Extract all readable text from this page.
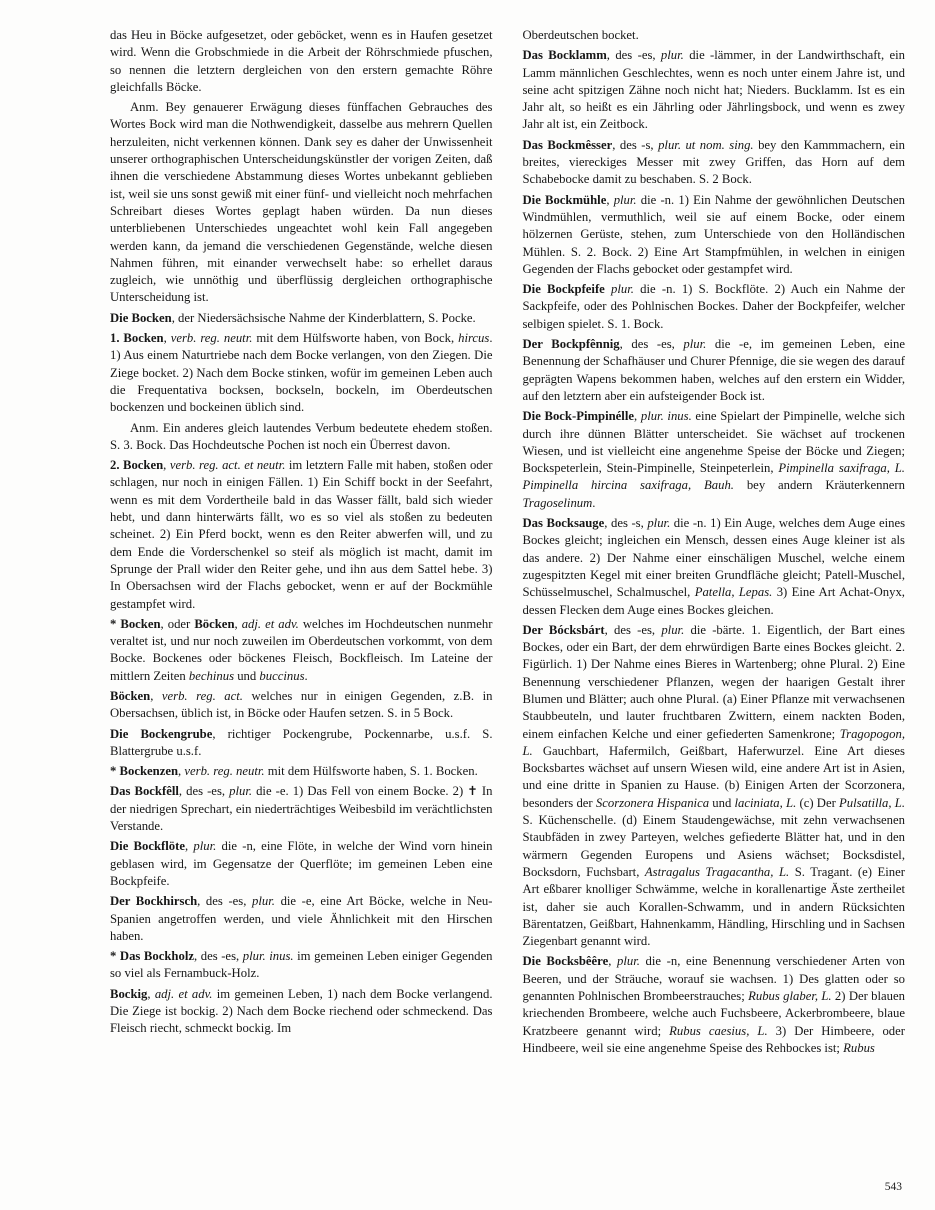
das Heu in Böcke aufgesetzet, oder geböcket, wenn es in Haufen gesetzet wird. Wenn die Grobschmiede in die Arbeit der Röhrschmiede pfuschen, so nennen die letztern dergleichen von den erstern gemachte Röhre gleichfalls Böcke.

Anm. Bey genauerer Erwägung dieses fünffachen Gebrauches des Wortes Bock wird man die Nothwendigkeit, dasselbe aus mehrern Quellen herzuleiten, nicht verkennen können. Dank sey es daher der Unwissenheit unserer orthographischen Unterscheidungskünstler der vorigen Zeiten, daß ihnen die verschiedene Abstammung dieses Wortes unbekannt geblieben ist, weil sie uns sonst gewiß mit einer fünf- und vielleicht noch mehrfachen Schreibart dieses Wortes geplagt haben würden. Da nun dieses unterbliebenen Unterschiedes ungeachtet wohl kein Fall angegeben werden kann, da jemand die verschiedenen Gegenstände, welche diesen Nahmen führen, mit einander verwechselt habe: so erhellet daraus zugleich, wie unnöthig und überflüssig dergleichen orthographische Unterscheidung ist.

Die Bocken, der Niedersächsische Nahme der Kinderblattern, S. Pocke.

1. Bocken, verb. reg. neutr. mit dem Hülfsworte haben, von Bock, hircus. 1) Aus einem Naturtriebe nach dem Bocke verlangen, von den Ziegen. Die Ziege bocket. 2) Nach dem Bocke stinken, wofür im gemeinen Leben auch die Frequentativa bocksen, bockseln, bockeln, im Oberdeutschen bockenzen und bockeinen üblich sind.

Anm. Ein anderes gleich lautendes Verbum bedeutete ehedem stoßen. S. 3. Bock. Das Hochdeutsche Pochen ist noch ein Überrest davon.

2. Bocken, verb. reg. act. et neutr. im letztern Falle mit haben, stoßen oder schlagen, nur noch in einigen Fällen. 1) Ein Schiff bockt in der Seefahrt, wenn es mit dem Vordertheile bald in das Wasser fällt, bald sich wieder hebt, und dann hinterwärts fällt, wo es so viel als stoßen zu bedeuten scheinet. 2) Ein Pferd bockt, wenn es den Reiter abwerfen will, und zu dem Ende die Vorderschenkel so steif als möglich ist macht, damit im Sprunge der Prall wider den Reiter gehe, und ihn aus dem Sattel hebe. 3) In Obersachsen wird der Flachs gebocket, wenn er auf der Bockmühle gestampfet wird.

* Bocken, oder Böcken, adj. et adv. welches im Hochdeutschen nunmehr veraltet ist, und nur noch zuweilen im Oberdeutschen vorkommt, von dem Bocke. Bockenes oder böckenes Fleisch, Bockfleisch. Im Lateine der mittlern Zeiten bechinus und buccinus.

Böcken, verb. reg. act. welches nur in einigen Gegenden, z.B. in Obersachsen, üblich ist, in Böcke oder Haufen setzen. S. in 5 Bock.

Die Bockengrube, richtiger Pockengrube, Pockennarbe, u.s.f. S. Blattergrube u.s.f.

* Bockenzen, verb. reg. neutr. mit dem Hülfsworte haben, S. 1. Bocken.

Das Bockfêll, des -es, plur. die -e. 1) Das Fell von einem Bocke. 2) ✝ In der niedrigen Sprechart, ein niederträchtiges Weibesbild im verächtlichsten Verstande.

Die Bockflöte, plur. die -n, eine Flöte, in welche der Wind vorn hinein geblasen wird, im Gegensatze der Querflöte; im gemeinen Leben eine Bockpfeife.

Der Bockhirsch, des -es, plur. die -e, eine Art Böcke, welche in Neu-Spanien angetroffen werden, und viele Ähnlichkeit mit den Hirschen haben.

* Das Bockholz, des -es, plur. inus. im gemeinen Leben einiger Gegenden so viel als Fernambuck-Holz.

Bockig, adj. et adv. im gemeinen Leben, 1) nach dem Bocke verlangend. Die Ziege ist bockig. 2) Nach dem Bocke riechend oder schmeckend. Das Fleisch riecht, schmeckt bockig. Im

Oberdeutschen bocket.

Das Bocklamm, des -es, plur. die -lämmer, in der Landwirthschaft, ein Lamm männlichen Geschlechtes, wenn es noch unter einem Jahre ist, und seine acht spitzigen Zähne noch nicht hat; Nieders. Bucklamm. Ist es ein Jahr alt, so heißt es ein Jährling oder Jährlingsbock, und wenn es zwey Jahr alt ist, ein Zeitbock.

Das Bockmêsser, des -s, plur. ut nom. sing. bey den Kammmachern, ein breites, viereckiges Messer mit zwey Griffen, das Horn auf dem Schabebocke damit zu beschaben. S. 2 Bock.

Die Bockmühle, plur. die -n. 1) Ein Nahme der gewöhnlichen Deutschen Windmühlen, vermuthlich, weil sie auf einem Bocke, oder einem hölzernen Gerüste, stehen, zum Unterschiede von den Holländischen Mühlen. S. 2. Bock. 2) Eine Art Stampfmühlen, in welchen in einigen Gegenden der Flachs gebocket oder gestampfet wird.

Die Bockpfeife plur. die -n. 1) S. Bockflöte. 2) Auch ein Nahme der Sackpfeife, oder des Pohlnischen Bockes. Daher der Bockpfeifer, welcher selbigen spielet. S. 1. Bock.

Der Bockpfênnig, des -es, plur. die -e, im gemeinen Leben, eine Benennung der Schafhäuser und Churer Pfennige, die sie wegen des darauf geprägten Wapens bekommen haben, welches auf den erstern ein Widder, auf den letztern aber ein aufsteigender Bock ist.

Die Bock-Pimpinélle, plur. inus. eine Spielart der Pimpinelle, welche sich durch ihre dünnen Blätter unterscheidet. Sie wächset auf trockenen Wiesen, und ist vielleicht eine angenehme Speise der Böcke und Ziegen; Bockspeterlein, Stein-Pimpinelle, Steinpeterlein, Pimpinella saxifraga, L. Pimpinella hircina saxifraga, Bauh. bey andern Kräuterkennern Tragoselinum.

Das Bocksauge, des -s, plur. die -n. 1) Ein Auge, welches dem Auge eines Bockes gleicht; ingleichen ein Mensch, dessen eines Auge kleiner ist als das andere. 2) Der Nahme einer einschäligen Muschel, welche einem zugespitzten Kegel mit einer breiten Grundfläche gleicht; Patell-Muschel, Schüsselmuschel, Schalmuschel, Patella, Lepas. 3) Eine Art Achat-Onyx, dessen Flecken dem Auge eines Bockes gleichen.

Der Bócksbárt, des -es, plur. die -bärte. 1. Eigentlich, der Bart eines Bockes, oder ein Bart, der dem ehrwürdigen Barte eines Bockes gleicht. 2. Figürlich. 1) Der Nahme eines Bieres in Wartenberg; ohne Plural. 2) Eine Benennung verschiedener Pflanzen, wegen der haarigen Gestalt ihrer Blumen und Blätter; auch ohne Plural. (a) Einer Pflanze mit verwachsenen Staubbeuteln, und lauter fruchtbaren Zwittern, einem nackten Boden, einem einfachen Kelche und einer gefiederten Samenkrone; Tragopogon, L. Gauchbart, Hafermilch, Geißbart, Haferwurzel. Eine Art dieses Bocksbartes wächset auf unsern Wiesen wild, eine andere Art ist in Asien, und eine dritte in Spanien zu Hause. (b) Einigen Arten der Scorzonera, besonders der Scorzonera Hispanica und laciniata, L. (c) Der Pulsatilla, L. S. Küchenschelle. (d) Einem Staudengewächse, mit zehn verwachsenen Staubfäden in zwey Parteyen, welches gefiederte Blätter hat, und in den wärmern Gegenden Europens und Asiens wächset; Bocksdistel, Bocksdorn, Fuchsbart, Astragalus Tragacantha, L. S. Tragant. (e) Einer Art eßbarer knolliger Schwämme, welche in korallenartige Äste zertheilet ist, daher sie auch Korallen-Schwamm, und in andern Rücksichten Bärentatzen, Geißbart, Hahnenkamm, Händling, Hirschling und in Sachsen Ziegenbart genannt wird.

Die Bocksbêêre, plur. die -n, eine Benennung verschiedener Arten von Beeren, und der Sträuche, worauf sie wachsen. 1) Des glatten oder so genannten Pohlnischen Brombeerstrauches; Rubus glaber, L. 2) Der blauen kriechenden Brombeere, welche auch Fuchsbeere, Ackerbrombeere, blaue Kratzbeere genannt wird; Rubus caesius, L. 3) Der Himbeere, oder Hindbeere, weil sie eine angenehme Speise des Rehbockes ist; Rubus

543
